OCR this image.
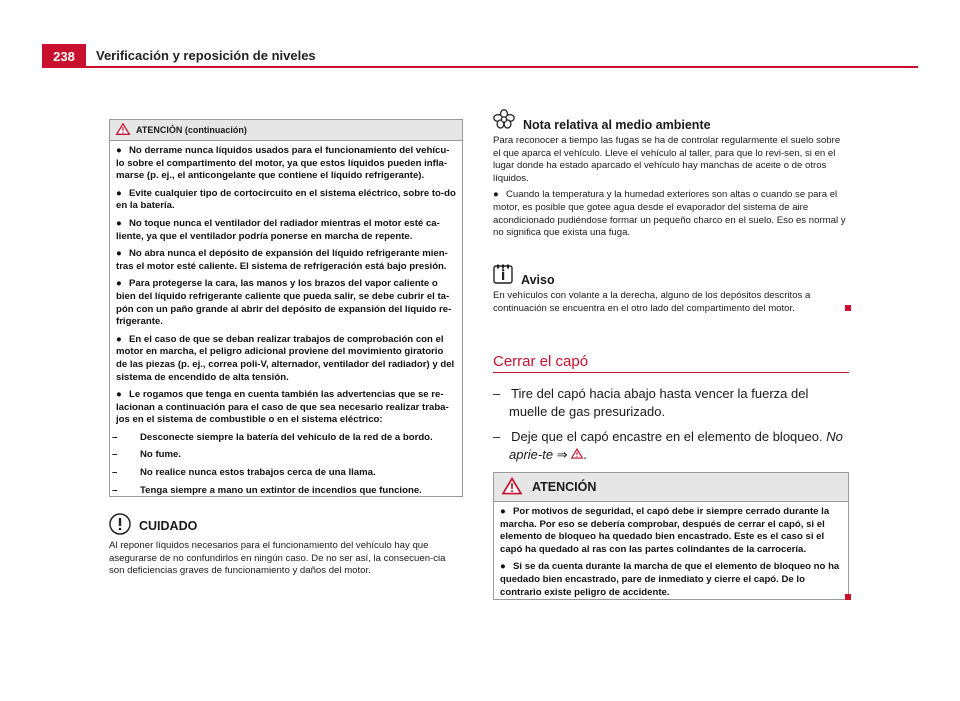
238	Verificación y reposición de niveles
ATENCIÓN (continuación)

● No derrame nunca líquidos usados para el funcionamiento del vehícu-lo sobre el compartimento del motor, ya que estos líquidos pueden infla-marse (p. ej., el anticongelante que contiene el líquido refrigerante).

● Evite cualquier tipo de cortocircuito en el sistema eléctrico, sobre to-do en la batería.

● No toque nunca el ventilador del radiador mientras el motor esté ca-liente, ya que el ventilador podría ponerse en marcha de repente.

● No abra nunca el depósito de expansión del líquido refrigerante mien-tras el motor esté caliente. El sistema de refrigeración está bajo presión.

● Para protegerse la cara, las manos y los brazos del vapor caliente o bien del líquido refrigerante caliente que pueda salir, se debe cubrir el ta-pón con un paño grande al abrir del depósito de expansión del líquido re-frigerante.

● En el caso de que se deban realizar trabajos de comprobación con el motor en marcha, el peligro adicional proviene del movimiento giratorio de las piezas (p. ej., correa poli-V, alternador, ventilador del radiador) y del sistema de encendido de alta tensión.

● Le rogamos que tenga en cuenta también las advertencias que se re-lacionan a continuación para el caso de que sea necesario realizar traba-jos en el sistema de combustible o en el sistema eléctrico:

– Desconecte siempre la batería del vehículo de la red de a bordo.

– No fume.

– No realice nunca estos trabajos cerca de una llama.

– Tenga siempre a mano un extintor de incendios que funcione.

CUIDADO

Al reponer líquidos necesarios para el funcionamiento del vehículo hay que asegurarse de no confundirlos en ningún caso. De no ser así, la consecuen-cia son deficiencias graves de funcionamiento y daños del motor.

Nota relativa al medio ambiente

Para reconocer a tiempo las fugas se ha de controlar regularmente el suelo sobre el que aparca el vehículo. Lleve el vehículo al taller, para que lo revi-sen, si en el lugar donde ha estado aparcado el vehículo hay manchas de aceite o de otros líquidos.

● Cuando la temperatura y la humedad exteriores son altas o cuando se para el motor, es posible que gotee agua desde el evaporador del sistema de aire acondicionado pudiéndose formar un pequeño charco en el suelo. Eso es normal y no significa que exista una fuga.

Aviso

En vehículos con volante a la derecha, alguno de los depósitos descritos a continuación se encuentra en el otro lado del compartimento del motor.

Cerrar el capó
–   Tire del capó hacia abajo hasta vencer la fuerza del muelle de gas presurizado.
–   Deje que el capó encastre en el elemento de bloqueo. No aprie-te ⇒ .
ATENCIÓN

● Por motivos de seguridad, el capó debe ir siempre cerrado durante la marcha. Por eso se debería comprobar, después de cerrar el capó, si el elemento de bloqueo ha quedado bien encastrado. Este es el caso si el capó ha quedado al ras con las partes colindantes de la carrocería.

● Si se da cuenta durante la marcha de que el elemento de bloqueo no ha quedado bien encastrado, pare de inmediato y cierre el capó. De lo contrario existe peligro de accidente.
